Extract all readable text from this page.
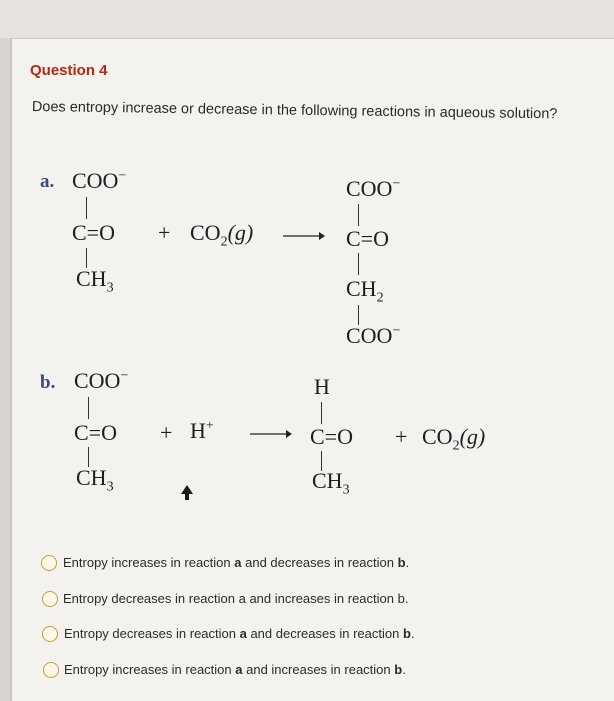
Question 4
Does entropy increase or decrease in the following reactions in aqueous solution?
a. COO−
$C=O + CO_2(g)$
COO−
C=O
$CH_2$
COO−
$CH_3$
b. COO−
C=O + H+
H
$C=O + CO_2(g)$
$CH_3$
$CH_3$
Entropy increases in reaction a and decreases in reaction b.
Entropy decreases in reaction a and increases in reaction b.
Entropy decreases in reaction a and decreases in reaction b.
Entropy increases in reaction a and increases in reaction b.
